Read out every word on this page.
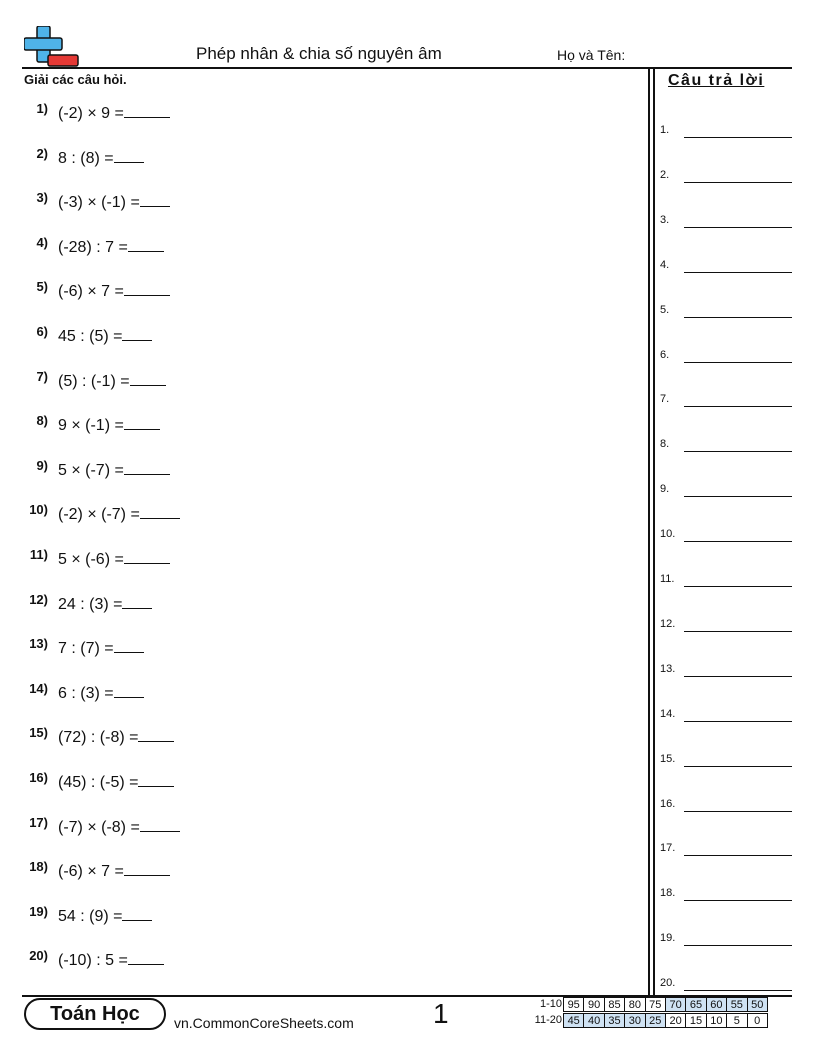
Phép nhân & chia số nguyên âm	Họ và Tên:
Giải các câu hỏi.	Câu trả lời
1) (-2) × 9 =
2) 8 : (8) =
3) (-3) × (-1) =
4) (-28) : 7 =
5) (-6) × 7 =
6) 45 : (5) =
7) (5) : (-1) =
8) 9 × (-1) =
9) 5 × (-7) =
10) (-2) × (-7) =
11) 5 × (-6) =
12) 24 : (3) =
13) 7 : (7) =
14) 6 : (3) =
15) (72) : (-8) =
16) (45) : (-5) =
17) (-7) × (-8) =
18) (-6) × 7 =
19) 54 : (9) =
20) (-10) : 5 =
1.
2.
3.
4.
5.
6.
7.
8.
9.
10.
11.
12.
13.
14.
15.
16.
17.
18.
19.
20.
Toán Học	vn.CommonCoreSheets.com	1	1-10 95 90 85 80 75 70 65 60 55 50
11-20 45 40 35 30 25 20 15 10	5	0
